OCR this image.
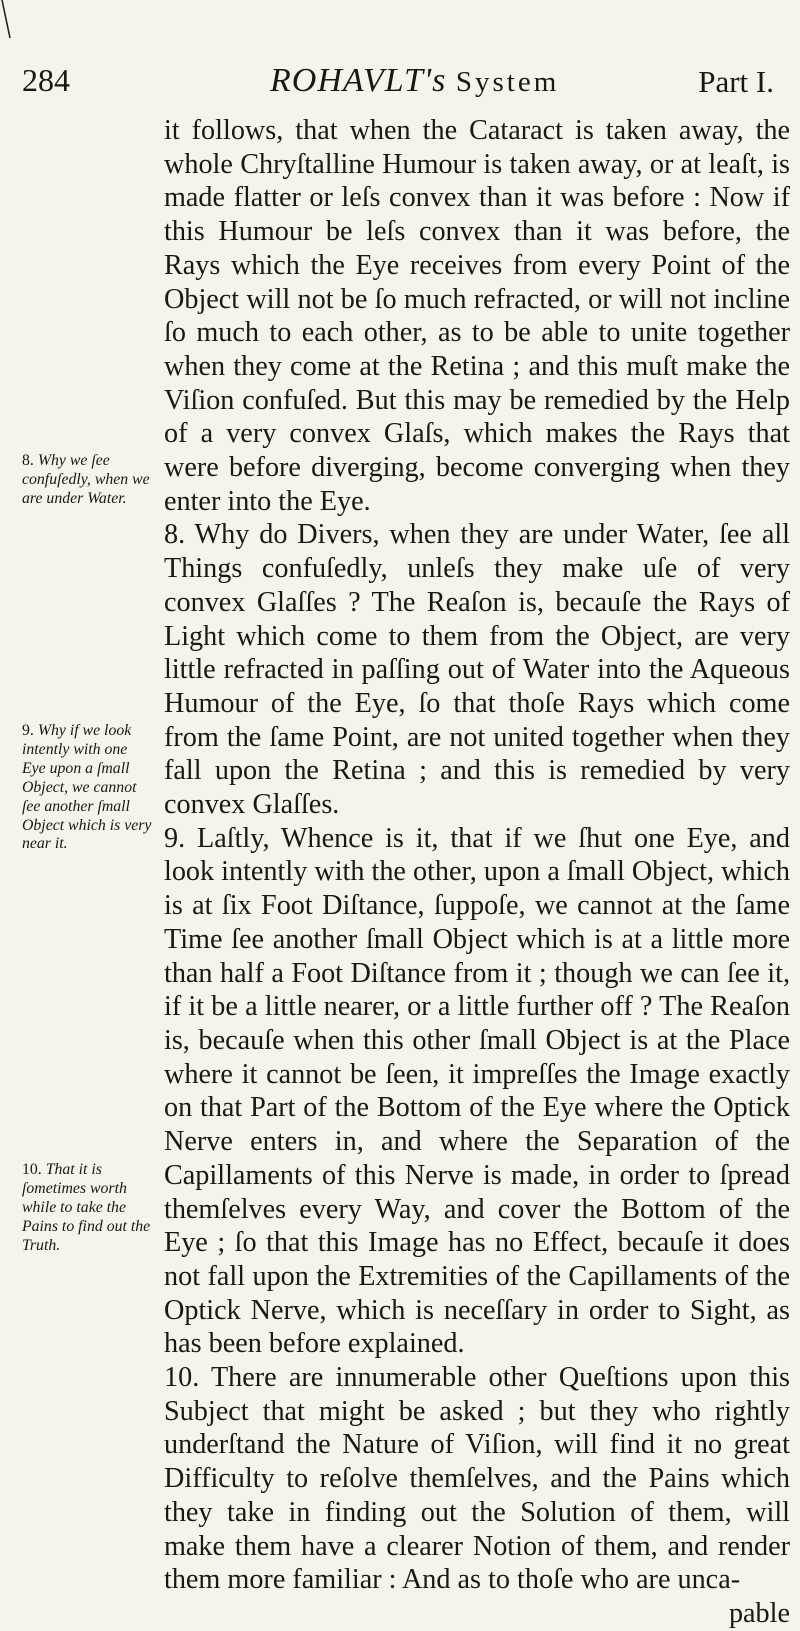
284	ROHAVLT's System	Part I.

it follows, that when the Cataract is taken away, the whole Chryſtalline Humour is taken away, or at leaſt, is made flatter or leſs convex than it was before : Now if this Humour be leſs convex than it was before, the Rays which the Eye receives from every Point of the Object will not be ſo much refracted, or will not incline ſo much to each other, as to be able to unite together when they come at the Retina ; and this muſt make the Viſion confuſed. But this may be remedied by the Help of a very convex Glaſs, which makes the Rays that were before diverging, become converging when they enter into the Eye.

8. Why do Divers, when they are under Water, ſee all Things confuſedly, unleſs they make uſe of very convex Glaſſes ? The Reaſon is, becauſe the Rays of Light which come to them from the Object, are very little refracted in paſſing out of Water into the Aqueous Humour of the Eye, ſo that thoſe Rays which come from the ſame Point, are not united together when they fall upon the Retina ; and this is remedied by very convex Glaſſes.

9. Laſtly, Whence is it, that if we ſhut one Eye, and look intently with the other, upon a ſmall Object, which is at ſix Foot Diſtance, ſuppoſe, we cannot at the ſame Time ſee another ſmall Object which is at a little more than half a Foot Diſtance from it ; though we can ſee it, if it be a little nearer, or a little further off ? The Reaſon is, becauſe when this other ſmall Object is at the Place where it cannot be ſeen, it impreſſes the Image exactly on that Part of the Bottom of the Eye where the Optick Nerve enters in, and where the Separation of the Capillaments of this Nerve is made, in order to ſpread themſelves every Way, and cover the Bottom of the Eye ; ſo that this Image has no Effect, becauſe it does not fall upon the Extremities of the Capillaments of the Optick Nerve, which is neceſſary in order to Sight, as has been before explained.

10. There are innumerable other Queſtions upon this Subject that might be asked ; but they who rightly underſtand the Nature of Viſion, will find it no great Difficulty to reſolve themſelves, and the Pains which they take in finding out the Solution of them, will make them have a clearer Notion of them, and render them more familiar : And as to thoſe who are unca-

pable

8. Why we ſee confuſedly, when we are under Water.
9. Why if we look intently with one Eye upon a ſmall Object, we cannot ſee another ſmall Object which is very near it.
10. That it is ſometimes worth while to take the Pains to find out the Truth.
